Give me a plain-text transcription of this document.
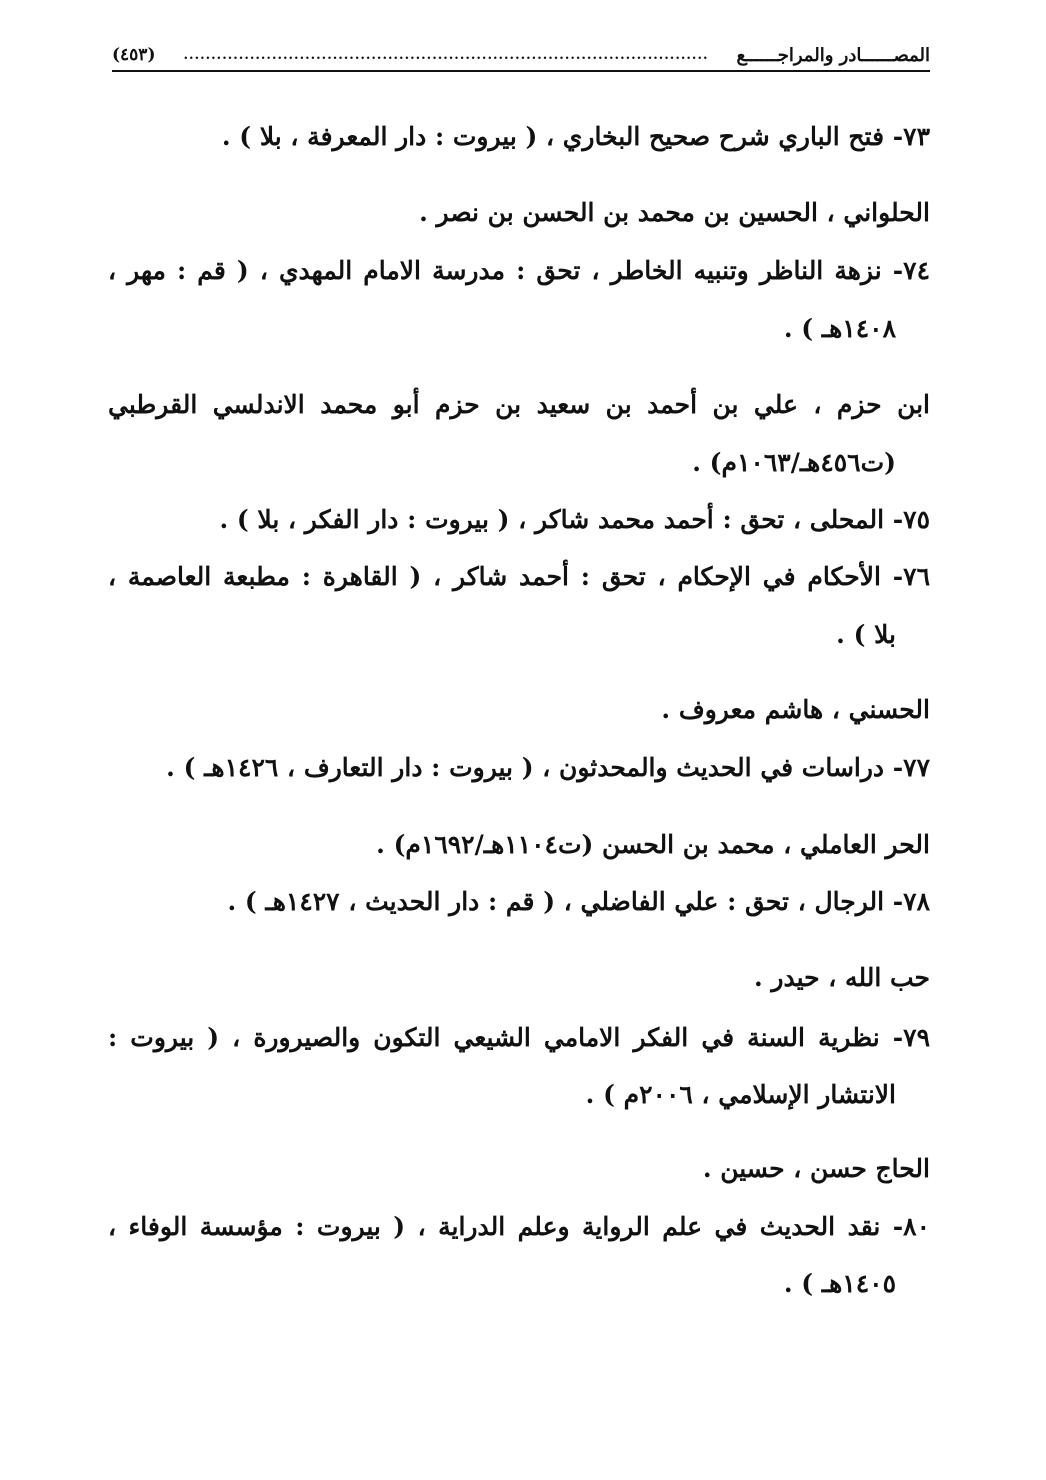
(٤٥٣)	...............................................................................................	المصــــــادر والمراجــــــع
٧٣- فتح الباري شرح صحيح البخاري ، ( بيروت : دار المعرفة ، بلا ) .
الحلواني ، الحسين بن محمد بن الحسن بن نصر .
٧٤- نزهة الناظر وتنبيه الخاطر ، تحق : مدرسة الامام المهدي ، ( قم : مهر ،
١٤٠٨هـ ) .
ابن حزم ، علي بن أحمد بن سعيد بن حزم أبو محمد الاندلسي القرطبي
(ت٤٥٦هـ/١٠٦٣م) .
٧٥- المحلى ، تحق : أحمد محمد شاكر ، ( بيروت : دار الفكر ، بلا ) .
٧٦- الأحكام في الإحكام ، تحق : أحمد شاكر ، ( القاهرة : مطبعة العاصمة ،
بلا ) .
الحسني ، هاشم معروف .
٧٧- دراسات في الحديث والمحدثون ، ( بيروت : دار التعارف ، ١٤٢٦هـ ) .
الحر العاملي ، محمد بن الحسن (ت١١٠٤هـ/١٦٩٢م) .
٧٨- الرجال ، تحق : علي الفاضلي ، ( قم : دار الحديث ، ١٤٢٧هـ ) .
حب الله ، حيدر .
٧٩- نظرية السنة في الفكر الامامي الشيعي التكون والصيرورة ، ( بيروت :
الانتشار الإسلامي ، ٢٠٠٦م ) .
الحاج حسن ، حسين .
٨٠- نقد الحديث في علم الرواية وعلم الدراية ، ( بيروت : مؤسسة الوفاء ،
١٤٠٥هـ ) .
